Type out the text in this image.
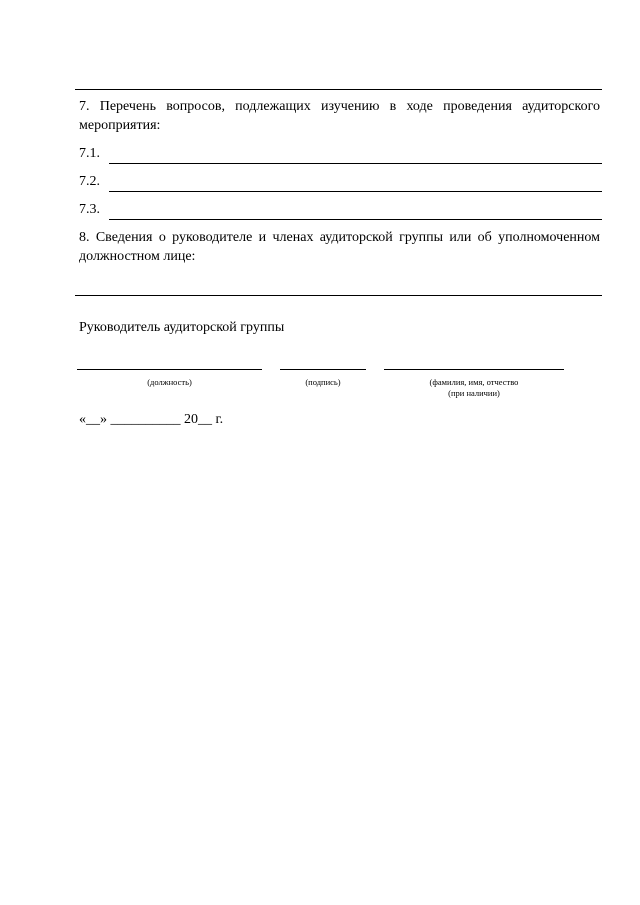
7. Перечень вопросов, подлежащих изучению в ходе проведения аудиторского мероприятия:
7.1.
7.2.
7.3.
8. Сведения о руководителе и членах аудиторской группы или об уполномоченном должностном лице:
Руководитель аудиторской группы
(должность)	(подпись)	(фамилия, имя, отчество
(при наличии)
«__» __________ 20__ г.
